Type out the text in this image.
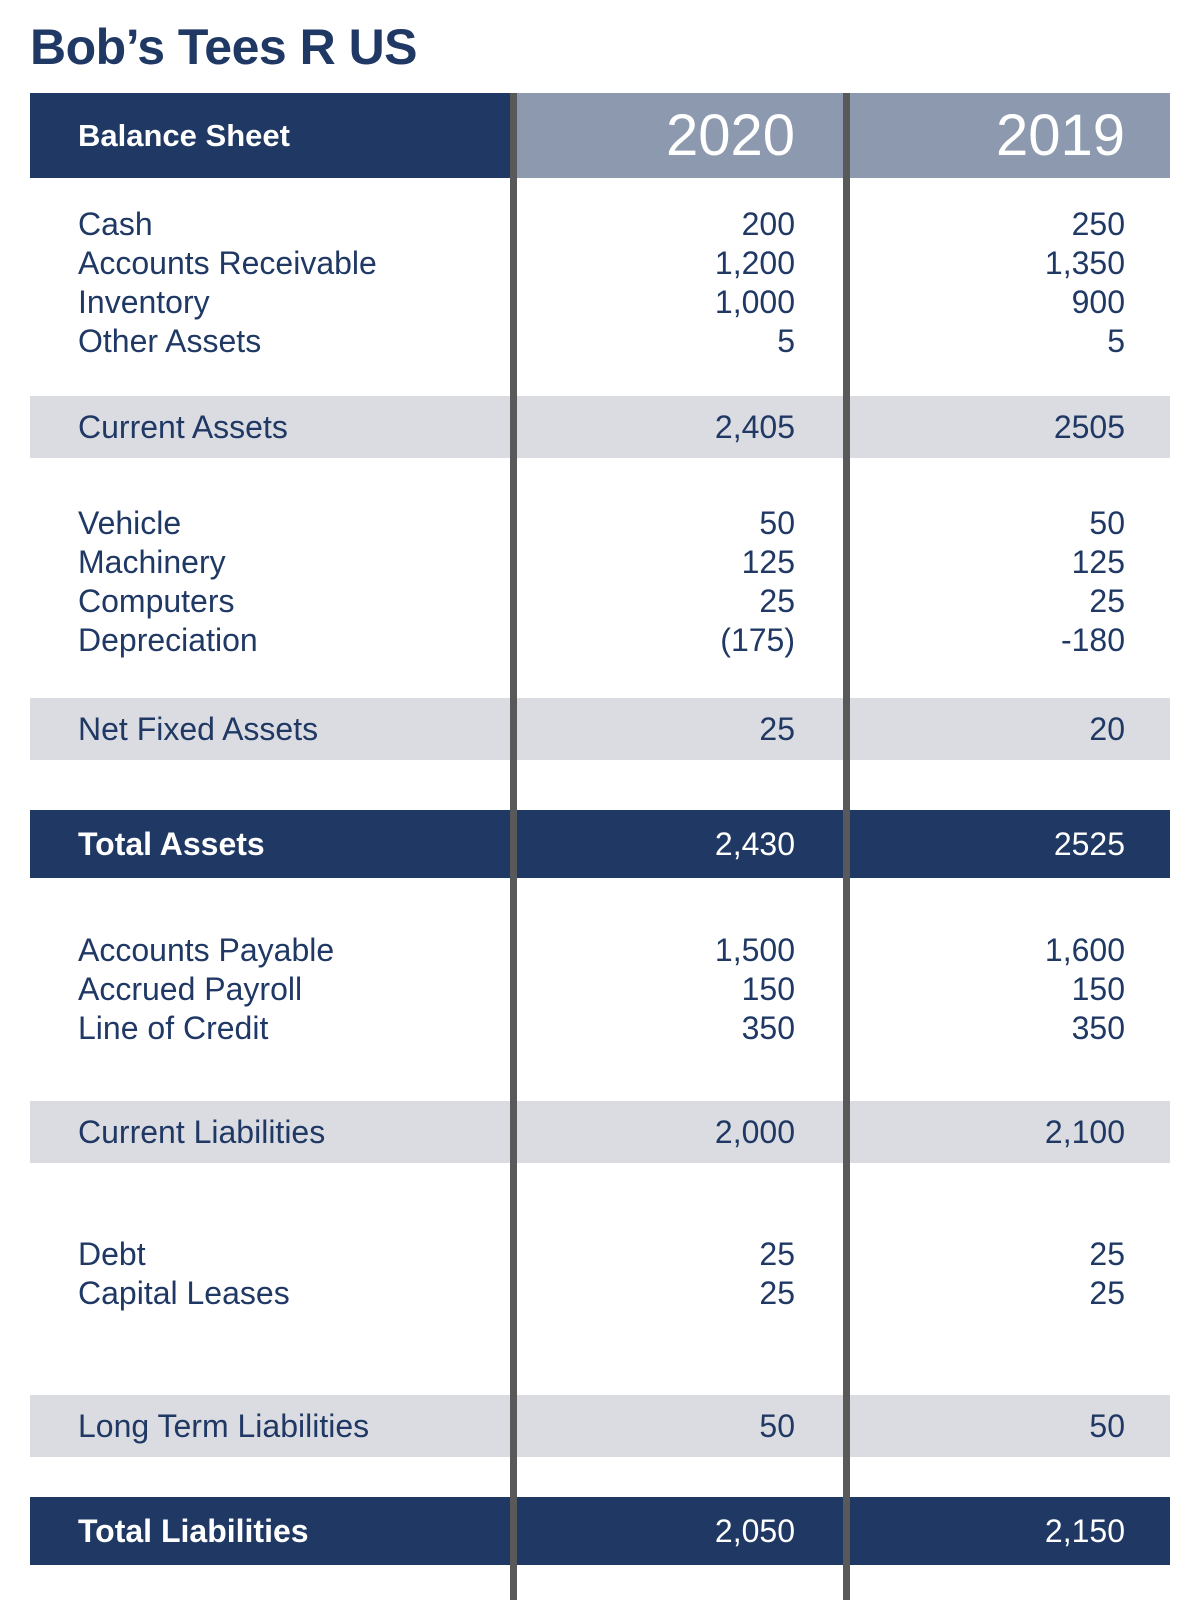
Bob’s Tees R US
Balance Sheet	2020	2019
Cash	200	250
Accounts Receivable	1,200	1,350
Inventory	1,000	900
Other Assets	5	5
Current Assets	2,405	2505
Vehicle	50	50
Machinery	125	125
Computers	25	25
Depreciation	(175)	-180
Net Fixed Assets	25	20
Total Assets	2,430	2525
Accounts Payable	1,500	1,600
Accrued Payroll	150	150
Line of Credit	350	350
Current Liabilities	2,000	2,100
Debt	25	25
Capital Leases	25	25
Long Term Liabilities	50	50
Total Liabilities	2,050	2,150
